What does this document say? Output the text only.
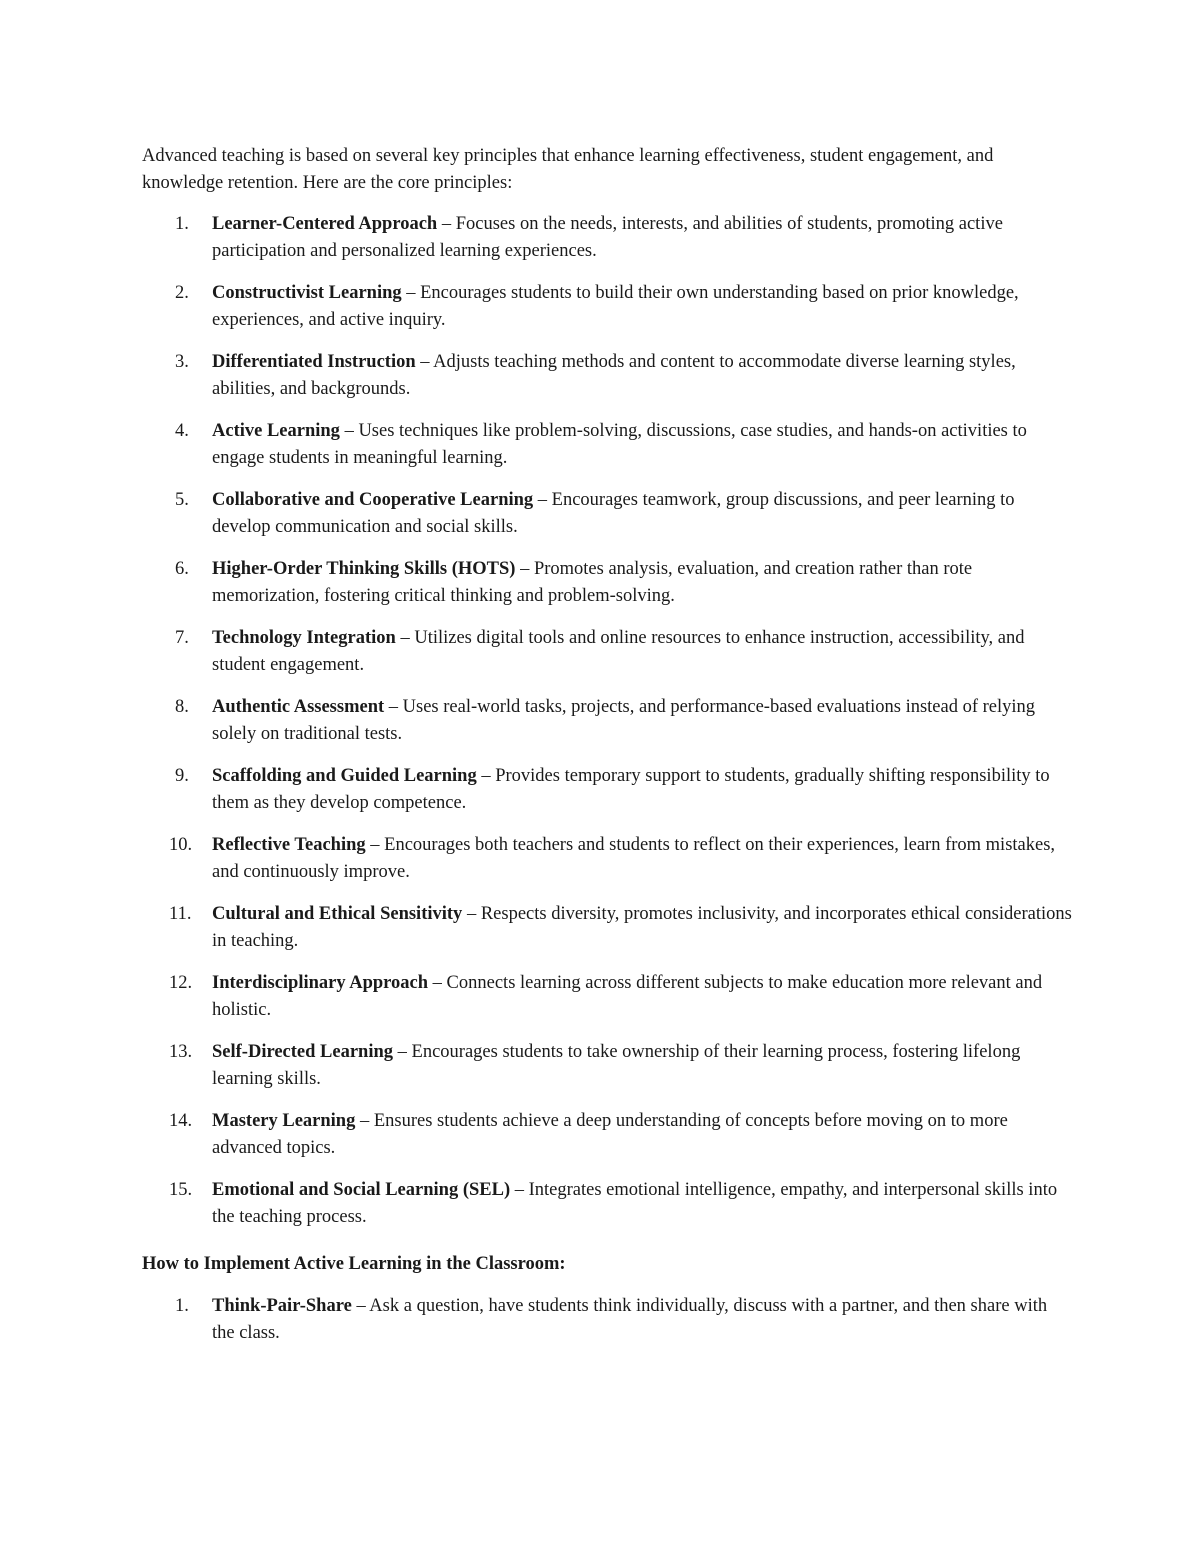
Advanced teaching is based on several key principles that enhance learning effectiveness, student engagement, and knowledge retention. Here are the core principles:

1. Learner-Centered Approach – Focuses on the needs, interests, and abilities of students, promoting active participation and personalized learning experiences.
2. Constructivist Learning – Encourages students to build their own understanding based on prior knowledge, experiences, and active inquiry.
3. Differentiated Instruction – Adjusts teaching methods and content to accommodate diverse learning styles, abilities, and backgrounds.
4. Active Learning – Uses techniques like problem-solving, discussions, case studies, and hands-on activities to engage students in meaningful learning.
5. Collaborative and Cooperative Learning – Encourages teamwork, group discussions, and peer learning to develop communication and social skills.
6. Higher-Order Thinking Skills (HOTS) – Promotes analysis, evaluation, and creation rather than rote memorization, fostering critical thinking and problem-solving.
7. Technology Integration – Utilizes digital tools and online resources to enhance instruction, accessibility, and student engagement.
8. Authentic Assessment – Uses real-world tasks, projects, and performance-based evaluations instead of relying solely on traditional tests.
9. Scaffolding and Guided Learning – Provides temporary support to students, gradually shifting responsibility to them as they develop competence.
10. Reflective Teaching – Encourages both teachers and students to reflect on their experiences, learn from mistakes, and continuously improve.
11. Cultural and Ethical Sensitivity – Respects diversity, promotes inclusivity, and incorporates ethical considerations in teaching.
12. Interdisciplinary Approach – Connects learning across different subjects to make education more relevant and holistic.
13. Self-Directed Learning – Encourages students to take ownership of their learning process, fostering lifelong learning skills.
14. Mastery Learning – Ensures students achieve a deep understanding of concepts before moving on to more advanced topics.
15. Emotional and Social Learning (SEL) – Integrates emotional intelligence, empathy, and interpersonal skills into the teaching process.

How to Implement Active Learning in the Classroom:

1. Think-Pair-Share – Ask a question, have students think individually, discuss with a partner, and then share with the class.
